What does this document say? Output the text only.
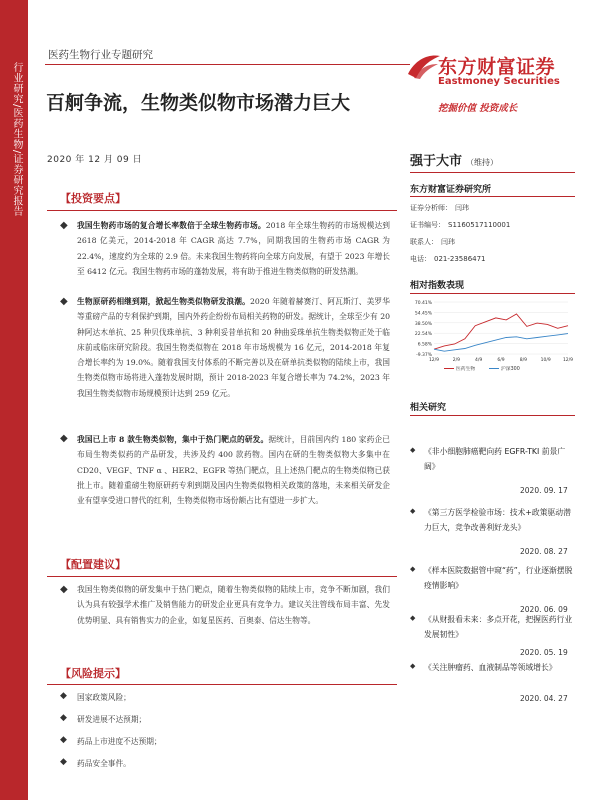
行业研究/医药生物/证券研究报告
医药生物行业专题研究
百舸争流，生物类似物市场潜力巨大
东方财富证券
Eastmoney Securities
挖掘价值 投资成长
2020 年 12 月 09 日	强于大市 （维持）
东方财富证券研究所
证券分析师： 闫玮
证书编号： S1160517110001
联系人： 闫玮
电话： 021-23586471
相对指数表现
70.41%
54.45%
38.50%
22.54%
6.58%
-9.37%
12/9	2/9	4/9	6/9	8/9	10/9	12/9
医药生物	沪深300
相关研究
◆ 《非小细胞肺癌靶向药 EGFR-TKI 前景广阔》
2020. 09. 17
◆ 《第三方医学检验市场：技术+政策驱动潜力巨大，竞争改善利好龙头》
2020. 08. 27
◆ 《样本医院数据管中窥“药”，行业逐渐摆脱疫情影响》
2020. 06. 09
◆ 《从财报看未来：多点开花，把握医药行业发展韧性》
2020. 05. 19
◆ 《关注肿瘤药、血液制品等领域增长》
2020. 04. 27
【投资要点】
◆ 我国生物药市场的复合增长率数倍于全球生物药市场。2018 年全球生物药的市场规模达到 2618 亿美元，2014-2018 年 CAGR 高达 7.7%，同期我国的生物药市场 CAGR 为 22.4%，速度约为全球的 2.9 倍。未来我国生物药将向全球方向发展，有望于 2023 年增长至 6412 亿元。我国生物药市场的蓬勃发展，将有助于推进生物类似物的研发热潮。
◆ 生物原研药相继到期，掀起生物类似物研发浪潮。2020 年随着赫赛汀、阿瓦斯汀、美罗华等重磅产品的专利保护到期，国内外药企纷纷布局相关药物的研发。据统计，全球至少有 20 种阿达木单抗、25 种贝伐珠单抗、3 种利妥昔单抗和 20 种曲妥珠单抗生物类似物正处于临床前或临床研究阶段。我国生物类似物在 2018 年市场规模为 16 亿元，2014-2018 年复合增长率约为 19.0%。随着我国支付体系的不断完善以及在研单抗类似物的陆续上市，我国生物类似物市场将进入蓬勃发展时期，预计 2018-2023 年复合增长率为 74.2%，2023 年我国生物类似物市场规模预计达到 259 亿元。
◆ 我国已上市 8 款生物类似物，集中于热门靶点的研发。据统计，目前国内约 180 家药企已布局生物类似药的产品研发，共涉及约 400 款药物。国内在研的生物类似物大多集中在 CD20、VEGF、TNF α 、HER2、EGFR 等热门靶点，且上述热门靶点的生物类似物已获批上市。随着重磅生物原研药专利到期及国内生物类似物相关政策的落地，未来相关研发企业有望享受进口替代的红利，生物类似物市场份额占比有望进一步扩大。
【配置建议】
◆ 我国生物类似物的研发集中于热门靶点，随着生物类似物的陆续上市，竞争不断加剧，我们认为具有较强学术推广及销售能力的研发企业更具有竞争力。建议关注管线布局丰富、先发优势明显、具有销售实力的企业，如复星医药、百奥泰、信达生物等。
【风险提示】
◆ 国家政策风险；
◆ 研发进展不达预期；
◆ 药品上市进度不达预期；
◆ 药品安全事件。
